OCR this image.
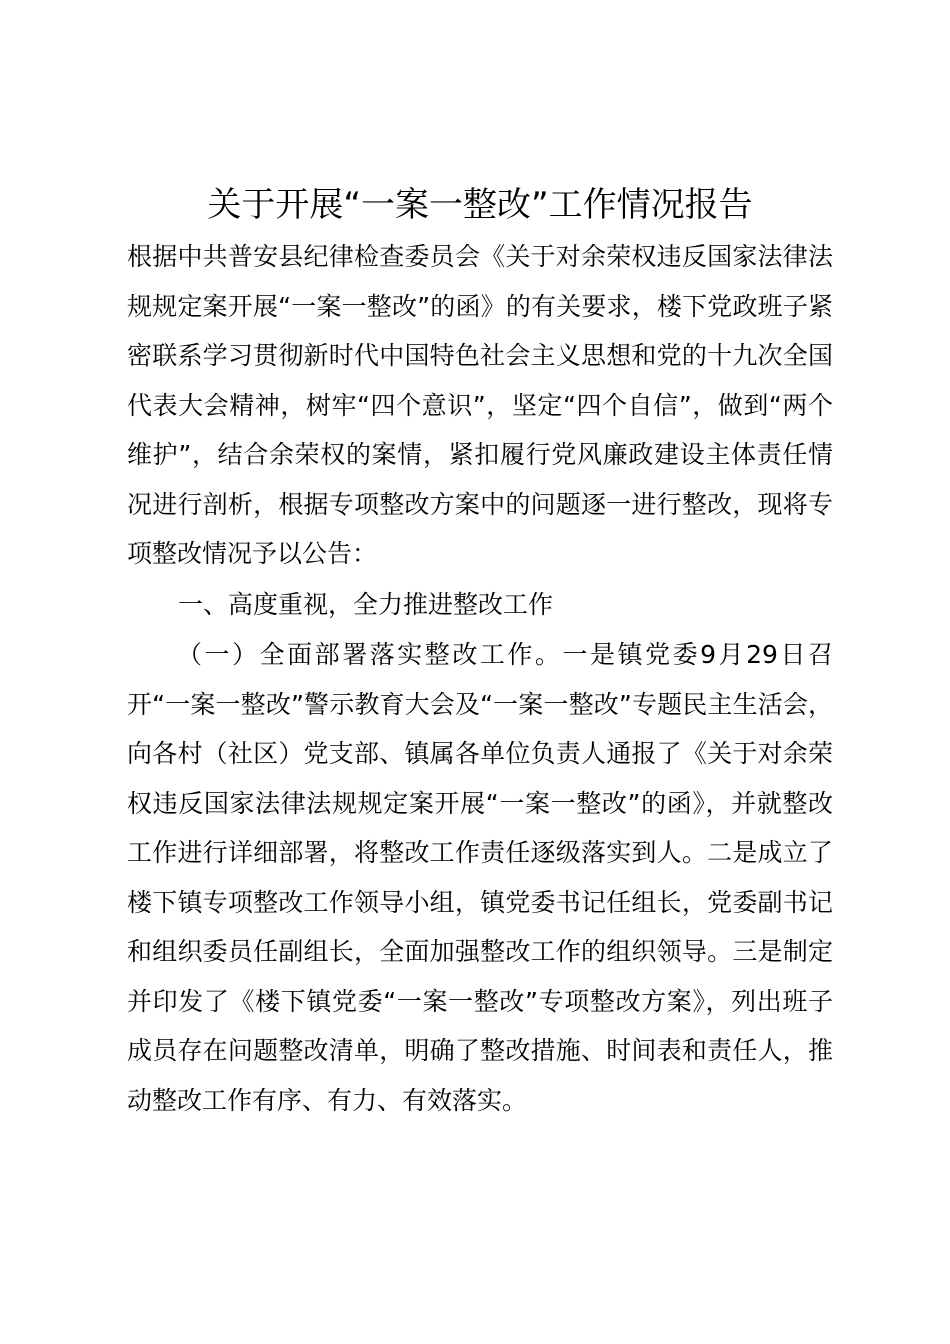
关于开展“一案一整改”工作情况报告

根据中共普安县纪律检查委员会《关于对余荣权违反国家法律法规规定案开展“一案一整改”的函》的有关要求，楼下党政班子紧密联系学习贯彻新时代中国特色社会主义思想和党的十九次全国代表大会精神，树牢“四个意识”，坚定“四个自信”，做到“两个维护”，结合余荣权的案情，紧扣履行党风廉政建设主体责任情况进行剖析，根据专项整改方案中的问题逐一进行整改，现将专项整改情况予以公告：

一、高度重视，全力推进整改工作

（一）全面部署落实整改工作。一是镇党委9月29日召开“一案一整改”警示教育大会及“一案一整改”专题民主生活会，向各村（社区）党支部、镇属各单位负责人通报了《关于对余荣权违反国家法律法规规定案开展“一案一整改”的函》，并就整改工作进行详细部署，将整改工作责任逐级落实到人。二是成立了楼下镇专项整改工作领导小组，镇党委书记任组长，党委副书记和组织委员任副组长，全面加强整改工作的组织领导。三是制定并印发了《楼下镇党委“一案一整改”专项整改方案》，列出班子成员存在问题整改清单，明确了整改措施、时间表和责任人，推动整改工作有序、有力、有效落实。
